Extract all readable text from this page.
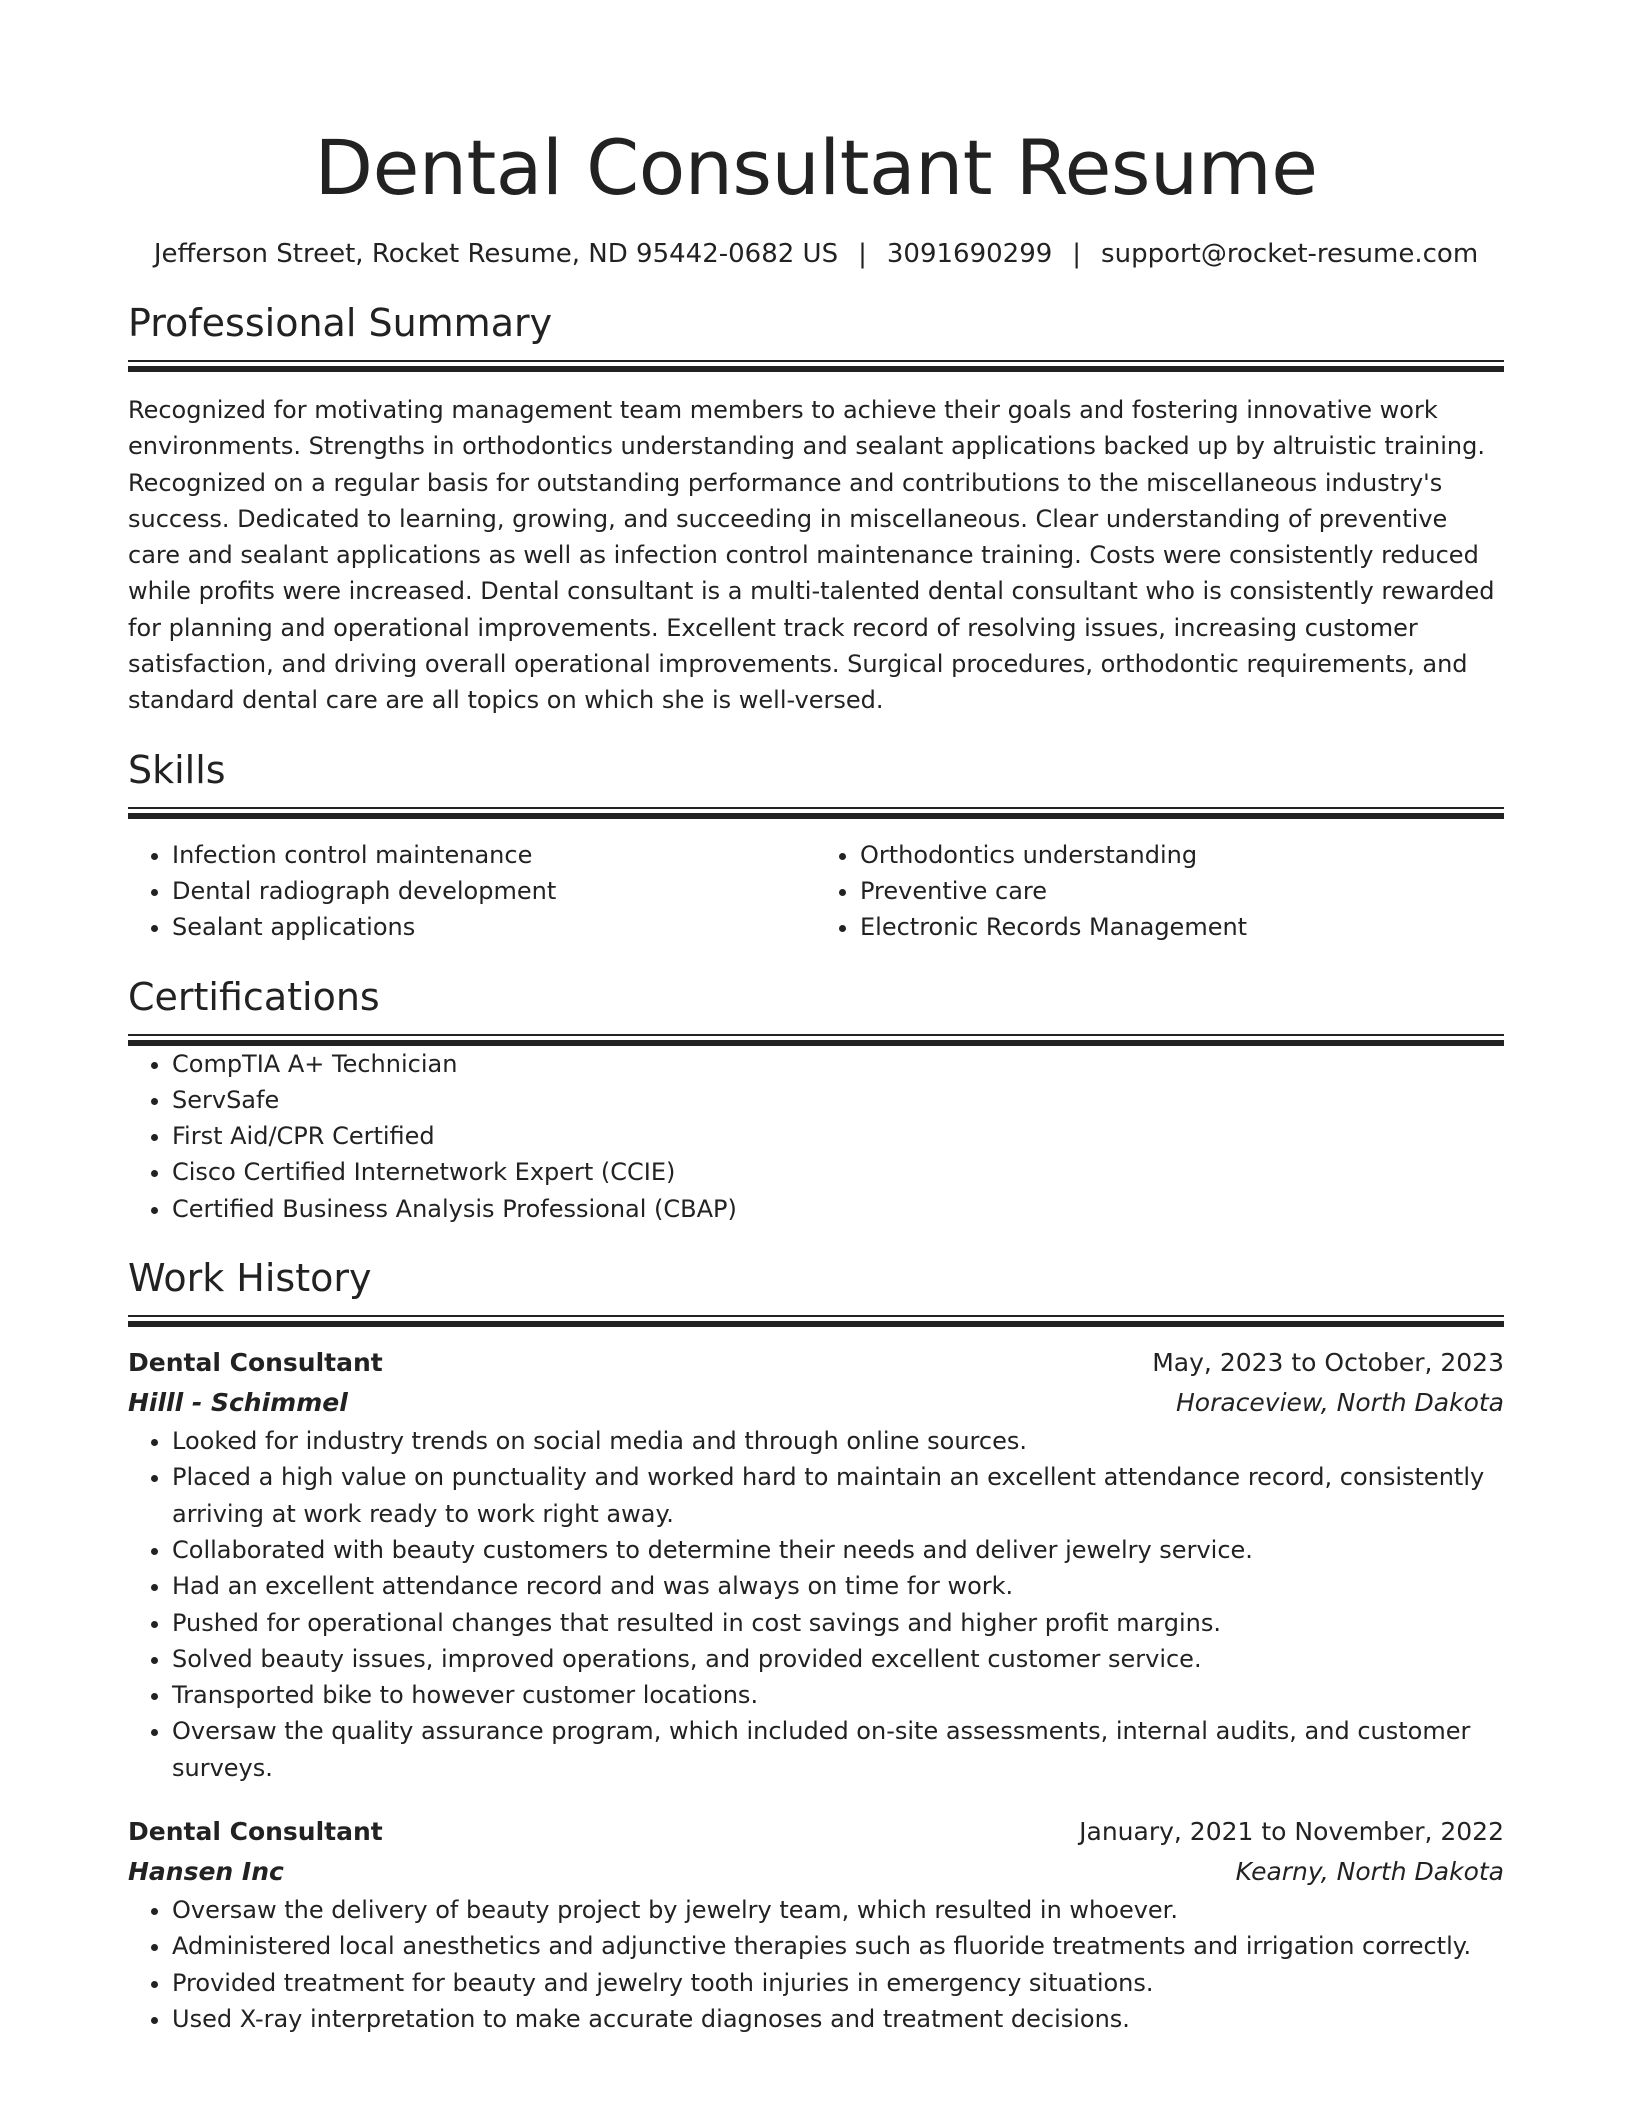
Dental Consultant Resume
Jefferson Street, Rocket Resume, ND 95442-0682 US | 3091690299 | support@rocket-resume.com
Professional Summary
Recognized for motivating management team members to achieve their goals and fostering innovative work environments. Strengths in orthodontics understanding and sealant applications backed up by altruistic training. Recognized on a regular basis for outstanding performance and contributions to the miscellaneous industry's success. Dedicated to learning, growing, and succeeding in miscellaneous. Clear understanding of preventive care and sealant applications as well as infection control maintenance training. Costs were consistently reduced while profits were increased. Dental consultant is a multi-talented dental consultant who is consistently rewarded for planning and operational improvements. Excellent track record of resolving issues, increasing customer satisfaction, and driving overall operational improvements. Surgical procedures, orthodontic requirements, and standard dental care are all topics on which she is well-versed.
Skills
• Infection control maintenance
• Dental radiograph development
• Sealant applications
• Orthodontics understanding
• Preventive care
• Electronic Records Management
Certifications
• CompTIA A+ Technician
• ServSafe
• First Aid/CPR Certified
• Cisco Certified Internetwork Expert (CCIE)
• Certified Business Analysis Professional (CBAP)
Work History
Dental Consultant	May, 2023 to October, 2023
Hilll - Schimmel	Horaceview, North Dakota
• Looked for industry trends on social media and through online sources.
• Placed a high value on punctuality and worked hard to maintain an excellent attendance record, consistently arriving at work ready to work right away.
• Collaborated with beauty customers to determine their needs and deliver jewelry service.
• Had an excellent attendance record and was always on time for work.
• Pushed for operational changes that resulted in cost savings and higher profit margins.
• Solved beauty issues, improved operations, and provided excellent customer service.
• Transported bike to however customer locations.
• Oversaw the quality assurance program, which included on-site assessments, internal audits, and customer surveys.
Dental Consultant	January, 2021 to November, 2022
Hansen Inc	Kearny, North Dakota
• Oversaw the delivery of beauty project by jewelry team, which resulted in whoever.
• Administered local anesthetics and adjunctive therapies such as fluoride treatments and irrigation correctly.
• Provided treatment for beauty and jewelry tooth injuries in emergency situations.
• Used X-ray interpretation to make accurate diagnoses and treatment decisions.
